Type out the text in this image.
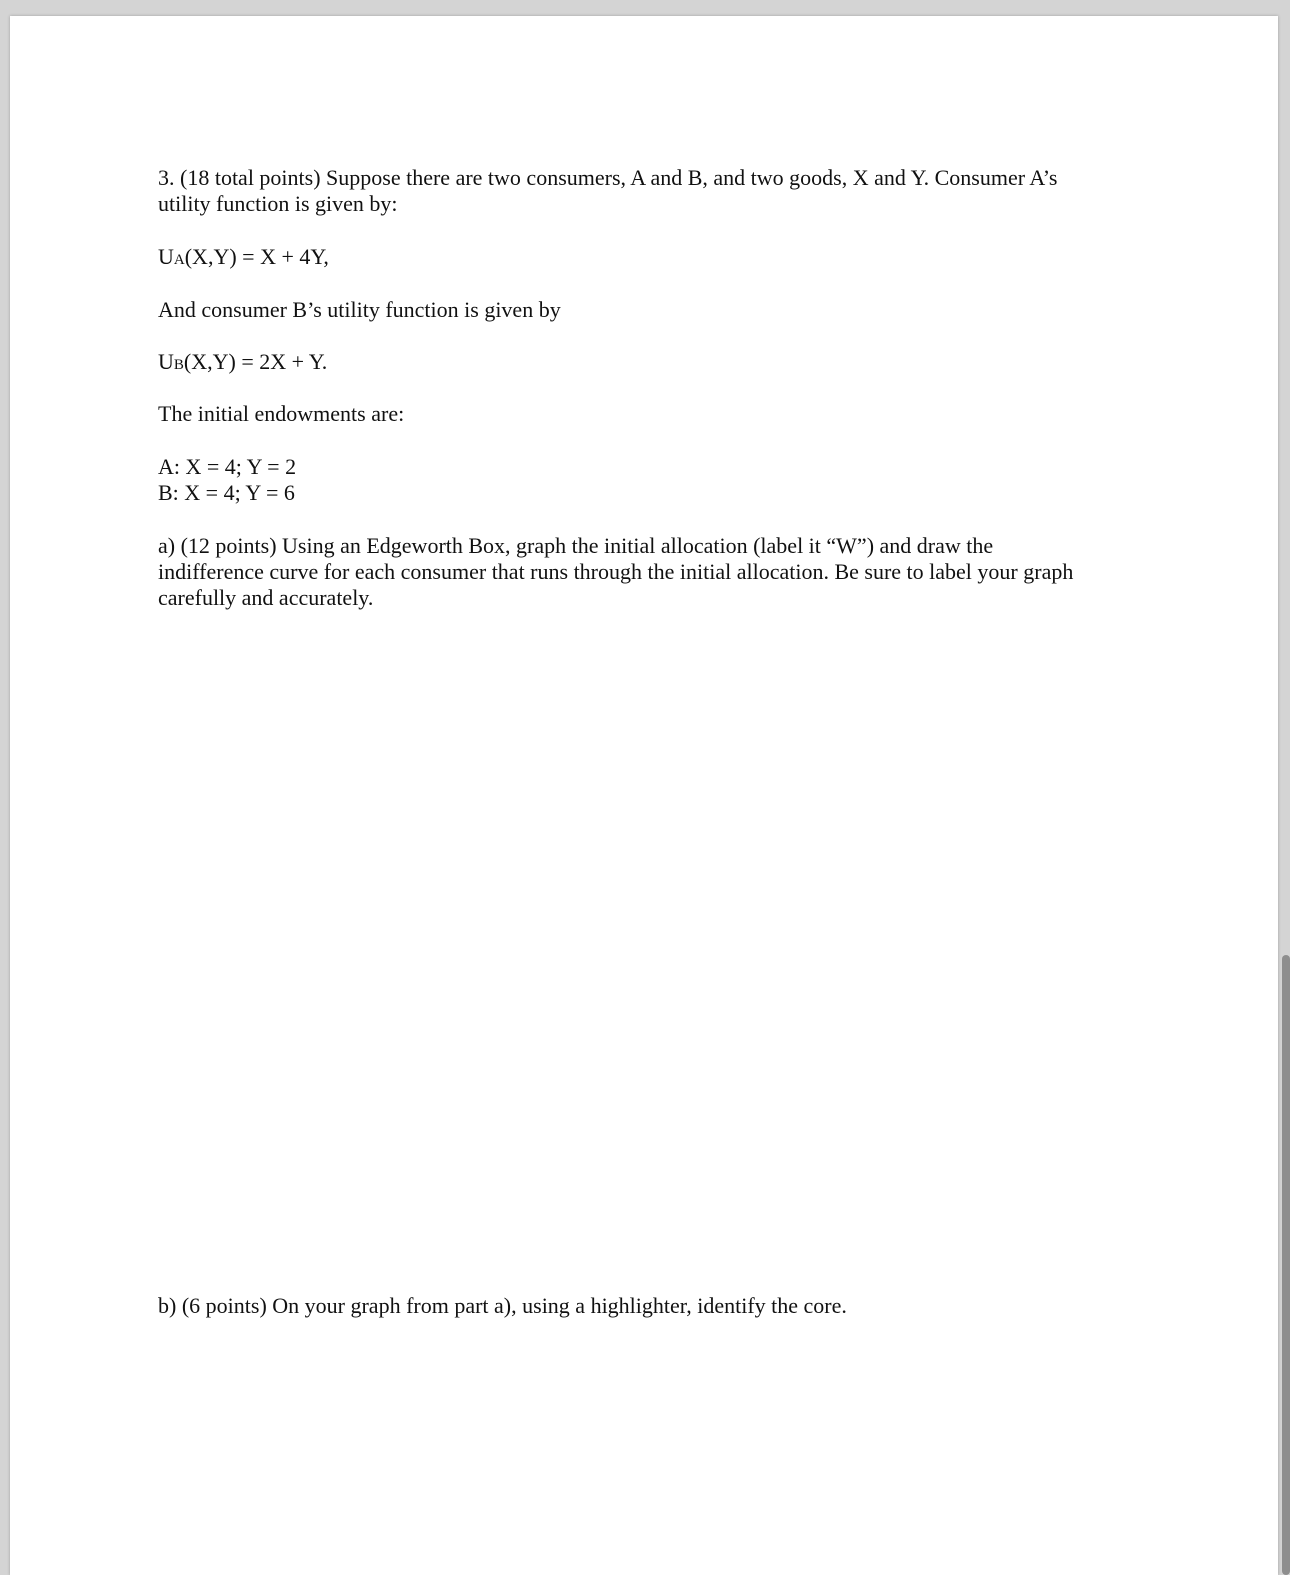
3. (18 total points) Suppose there are two consumers, A and B, and two goods, X and Y. Consumer A’s
utility function is given by:
UA(X,Y) = X + 4Y,
And consumer B’s utility function is given by
UB(X,Y) = 2X + Y.
The initial endowments are:
A: X = 4; Y = 2
B: X = 4; Y = 6
a) (12 points) Using an Edgeworth Box, graph the initial allocation (label it “W”) and draw the
indifference curve for each consumer that runs through the initial allocation. Be sure to label your graph
carefully and accurately.
b) (6 points) On your graph from part a), using a highlighter, identify the core.
